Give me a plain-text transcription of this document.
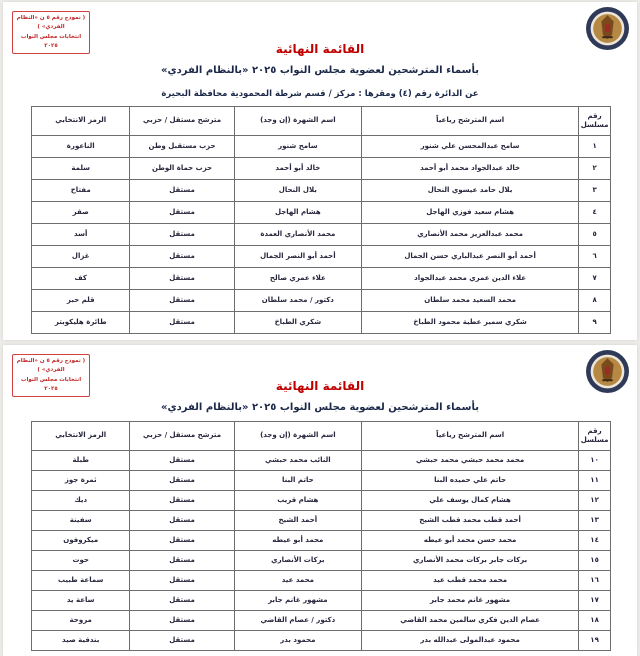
( نموذج رقم ٥ ن «النظام الفردي» )
انتخابات مجلس النواب ٢٠٢٥	القائمة النهائية
بأسماء المترشحين لعضوية مجلس النواب ٢٠٢٥ «بالنظام الفردي»
عن الدائرة رقم (٤) ومقرها : مركز / قسم شرطة المحمودية محافظة البحيرة
رقم مسلسل	اسم المترشح رباعياً	اسم الشهرة (إن وجد)	مترشح مستقل / حزبي	الرمز الانتخابي
١	سامح عبدالمحسن علي شنور	سامح شنور	حزب مستقبل وطن	الناعورة
٢	خالد عبدالجواد محمد أبو أحمد	خالد أبو أحمد	حزب حماة الوطن	سلمة
٣	بلال حامد عيسوي النحال	بلال النحال	مستقل	مفتاح
٤	هشام سعيد فوزي الهاجل	هشام الهاجل	مستقل	صقر
٥	محمد عبدالعزيز محمد الأنصاري	محمد الأنصاري العمدة	مستقل	أسد
٦	أحمد أبو النصر عبدالباري حسن الجمال	أحمد أبو النصر الجمال	مستقل	غزال
٧	علاء الدين عمري محمد عبدالجواد	علاء عمري صالح	مستقل	كف
٨	محمد السعيد محمد سلطان	دكتور / محمد سلطان	مستقل	قلم حبر
٩	شكري سمير عطية محمود الطباخ	شكري الطباخ	مستقل	طائرة هليكوبتر
( نموذج رقم ٥ ن «النظام الفردي» )
انتخابات مجلس النواب ٢٠٢٥	القائمة النهائية
بأسماء المترشحين لعضوية مجلس النواب ٢٠٢٥ «بالنظام الفردي»
رقم مسلسل	اسم المترشح رباعياً	اسم الشهرة (إن وجد)	مترشح مستقل / حزبي	الرمز الانتخابي
١٠	محمد محمد حبشي محمد حبشي	النائب محمد حبشي	مستقل	طبلة
١١	حاتم علي حميده البنا	حاتم البنا	مستقل	ثمرة جوز
١٢	هشام كمال يوسف علي	هشام قريب	مستقل	ديك
١٣	أحمد قطب محمد قطب الشيخ	أحمد الشيخ	مستقل	سفينة
١٤	محمد حسن محمد أبو عيطه	محمد أبو عيطه	مستقل	ميكروفون
١٥	بركات جابر بركات محمد الأنصاري	بركات الأنصاري	مستقل	حوت
١٦	محمد محمد قطب عيد	محمد عيد	مستقل	سماعة طبيب
١٧	مشهور غانم محمد جابر	مشهور غانم جابر	مستقل	ساعة يد
١٨	عصام الدين فكري سالمين محمد القاضي	دكتور / عصام القاضي	مستقل	مروحة
١٩	محمود عبدالمولى عبدالله بدر	محمود بدر	مستقل	بندقية صيد
